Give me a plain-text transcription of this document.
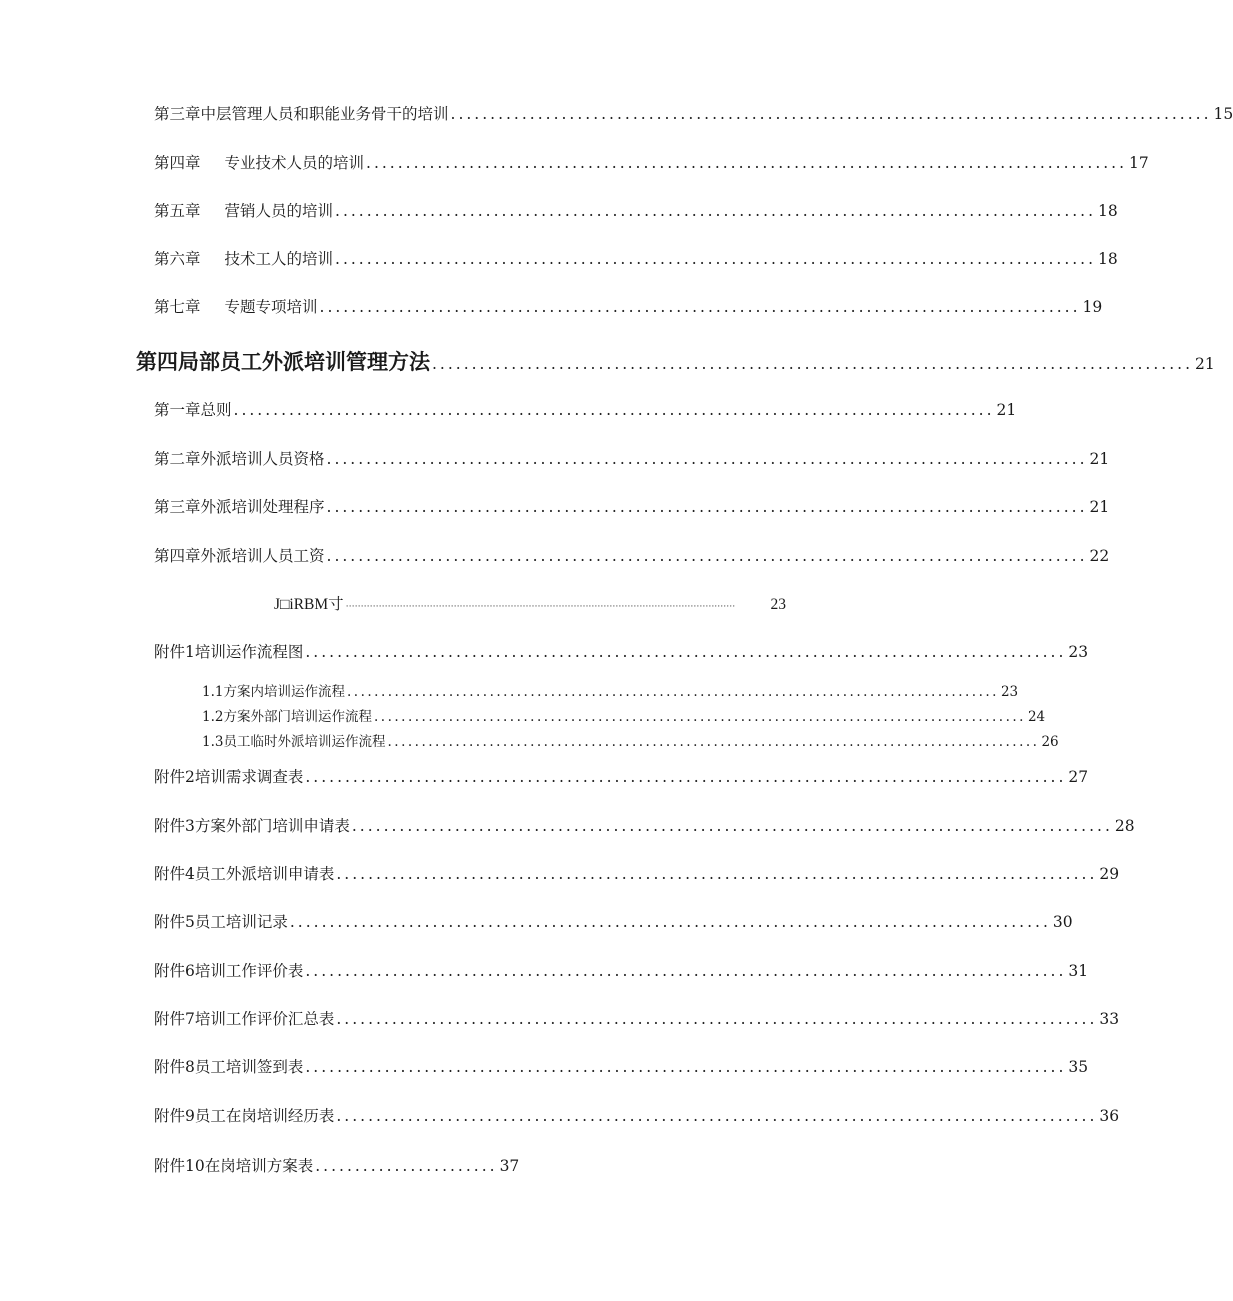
第三章中层管理人员和职能业务骨干的培训 ................................................................................................ 15
第四章 专业技术人员的培训 ................................................................................................ 17
第五章 营销人员的培训 ................................................................................................ 18
第六章 技术工人的培训 ................................................................................................ 18
第七章 专题专项培训 ................................................................................................ 19
第四局部员工外派培训管理方法 ................................................................................................ 21
第一章总则 ................................................................................................ 21
第二章外派培训人员资格 ................................................................................................ 21
第三章外派培训处理程序 ................................................................................................ 21
第四章外派培训人员工资 ................................................................................................ 22
J□iRBM寸 ··································································································································	23
附件1培训运作流程图 ................................................................................................ 23
1.1方案内培训运作流程 ................................................................................................ 23
1.2方案外部门培训运作流程 ................................................................................................ 24
1.3员工临时外派培训运作流程 ................................................................................................ 26
附件2培训需求调查表 ................................................................................................ 27
附件3方案外部门培训申请表 ................................................................................................ 28
附件4员工外派培训申请表 ................................................................................................ 29
附件5员工培训记录 ................................................................................................ 30
附件6培训工作评价表 ................................................................................................ 31
附件7培训工作评价汇总表 ................................................................................................ 33
附件8员工培训签到表 ................................................................................................ 35
附件9员工在岗培训经历表 ................................................................................................ 36
附件10在岗培训方案表 ....................... 37
